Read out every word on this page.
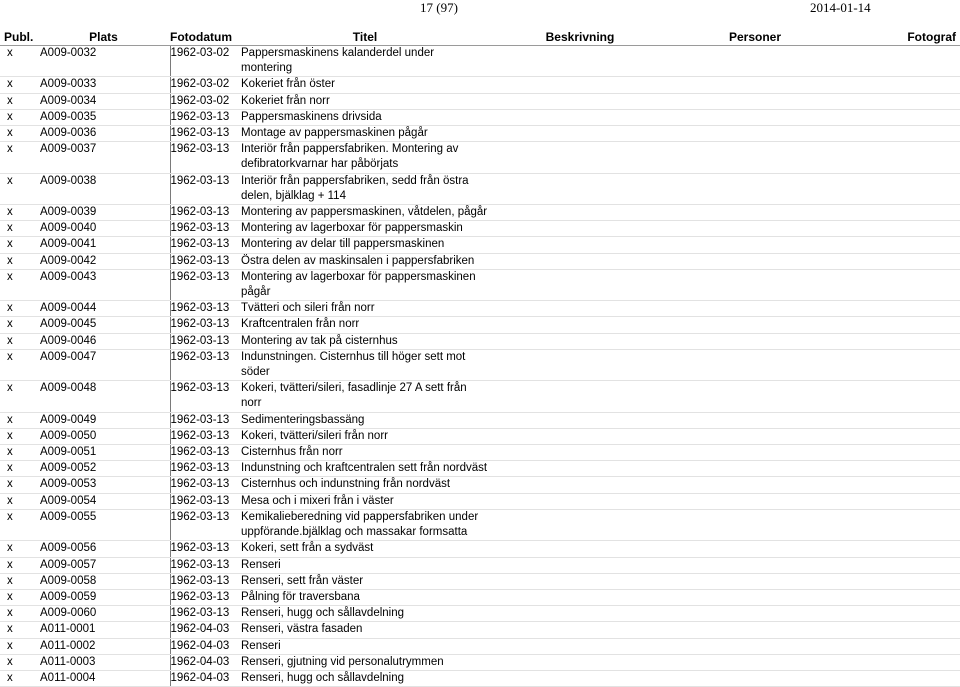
17 (97)	2014-01-14
Publ.	Plats	Fotodatum	Titel	Beskrivning	Personer	Fotograf
x	A009-0032	1962-03-02	Pappersmaskinens kalanderdel under montering			
x	A009-0033	1962-03-02	Kokeriet från öster			
x	A009-0034	1962-03-02	Kokeriet från norr			
x	A009-0035	1962-03-13	Pappersmaskinens drivsida			
x	A009-0036	1962-03-13	Montage av pappersmaskinen pågår			
x	A009-0037	1962-03-13	Interiör från pappersfabriken. Montering av defibratorkvarnar har påbörjats			
x	A009-0038	1962-03-13	Interiör från pappersfabriken, sedd från östra delen, bjälklag + 114			
x	A009-0039	1962-03-13	Montering av pappersmaskinen, våtdelen, pågår			
x	A009-0040	1962-03-13	Montering av lagerboxar för pappersmaskin			
x	A009-0041	1962-03-13	Montering av delar till pappersmaskinen			
x	A009-0042	1962-03-13	Östra delen av maskinsalen i pappersfabriken			
x	A009-0043	1962-03-13	Montering av lagerboxar för pappersmaskinen pågår			
x	A009-0044	1962-03-13	Tvätteri och sileri från norr			
x	A009-0045	1962-03-13	Kraftcentralen från norr			
x	A009-0046	1962-03-13	Montering av tak på cisternhus			
x	A009-0047	1962-03-13	Indunstningen. Cisternhus till höger sett mot söder			
x	A009-0048	1962-03-13	Kokeri, tvätteri/sileri, fasadlinje 27 A sett från norr			
x	A009-0049	1962-03-13	Sedimenteringsbassäng			
x	A009-0050	1962-03-13	Kokeri, tvätteri/sileri från norr			
x	A009-0051	1962-03-13	Cisternhus från norr			
x	A009-0052	1962-03-13	Indunstning och kraftcentralen sett från nordväst			
x	A009-0053	1962-03-13	Cisternhus och indunstning från nordväst			
x	A009-0054	1962-03-13	Mesa och i mixeri från i väster			
x	A009-0055	1962-03-13	Kemikalieberedning vid pappersfabriken under uppförande.bjälklag och massakar formsatta			
x	A009-0056	1962-03-13	Kokeri, sett från a sydväst			
x	A009-0057	1962-03-13	Renseri			
x	A009-0058	1962-03-13	Renseri, sett från väster			
x	A009-0059	1962-03-13	Pålning för traversbana			
x	A009-0060	1962-03-13	Renseri, hugg och sållavdelning			
x	A011-0001	1962-04-03	Renseri, västra fasaden			
x	A011-0002	1962-04-03	Renseri			
x	A011-0003	1962-04-03	Renseri, gjutning vid personalutrymmen			
x	A011-0004	1962-04-03	Renseri, hugg och sållavdelning			
